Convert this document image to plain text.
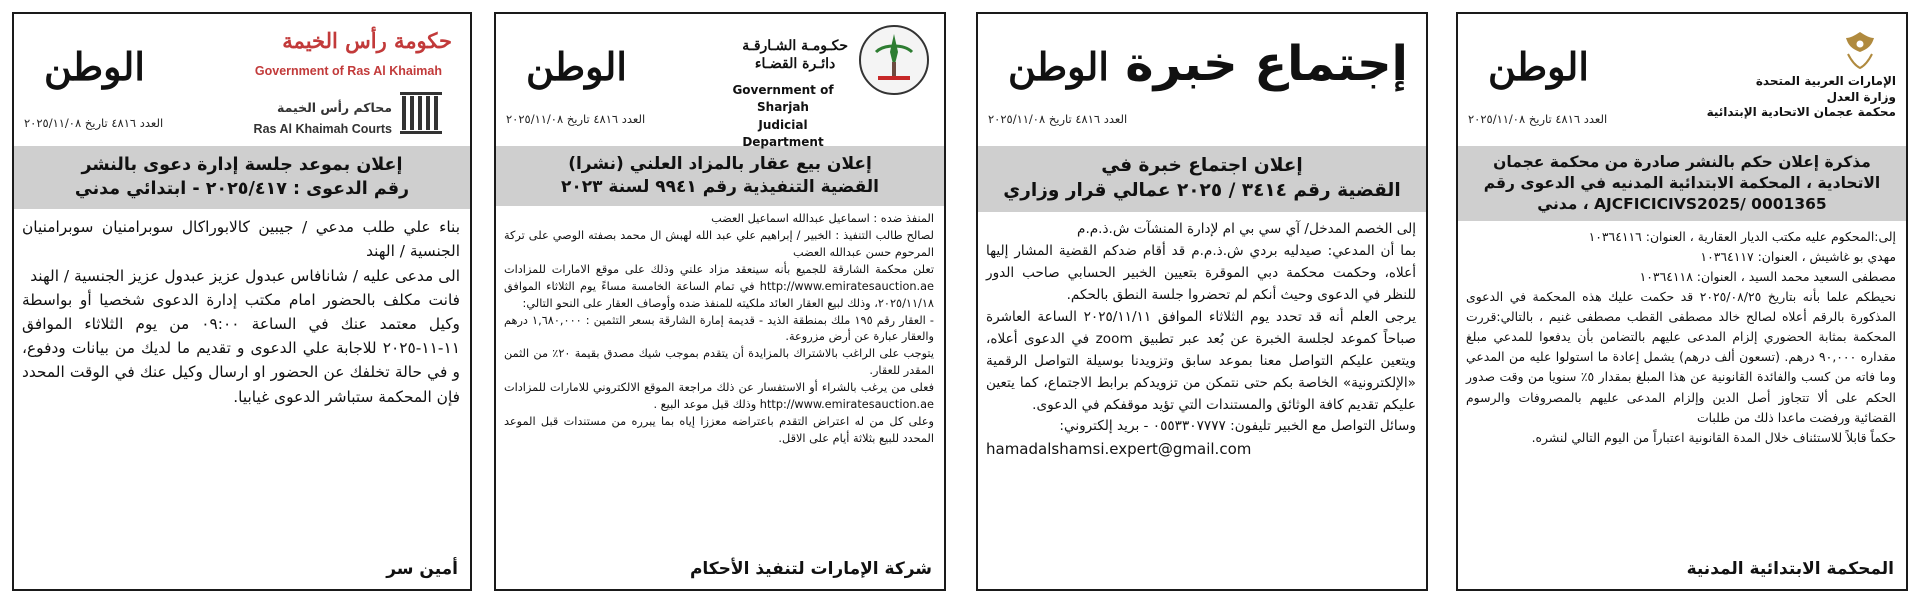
الإمارات العربية المتحدة
وزارة العدل
محكمة عجمان الاتحادية الإبتدائية
الوطن
العدد ٤٨١٦ تاريخ ٢٠٢٥/١١/٠٨
مذكرة إعلان حكم بالنشر صادرة من محكمة عجمان
الاتحادية ، المحكمة الابتدائية المدنيه في الدعوى رقم
AJCFICICIVS2025/ 0001365 ، مدني

إلى:المحكوم عليه مكتب الديار العقارية ، العنوان: ١٠٣٦٤١١٦

مهدي بو غاشيش ، العنوان: ١٠٣٦٤١١٧

مصطفى السعيد محمد السيد ، العنوان: ١٠٣٦٤١١٨

نحيطكم علما بأنه بتاريخ ٢٠٢٥/٠٨/٢٥ قد حكمت عليك هذه المحكمة في الدعوى المذكورة بالرقم أعلاه لصالح خالد مصطفى القطب مصطفى غنيم ، بالتالي:قررت المحكمة بمثابة الحضوري إلزام المدعى عليهم بالتضامن بأن يدفعوا للمدعي مبلغ مقداره ٩٠,٠٠٠ درهم. (تسعون ألف درهم) يشمل إعادة ما استولوا عليه من المدعي وما فاته من كسب والفائدة القانونية عن هذا المبلغ بمقدار ٥٪ سنويا من وقت صدور الحكم على ألا تتجاوز أصل الدين وإلزام المدعى عليهم بالمصروفات والرسوم القضائية ورفضت ماعدا ذلك من طلبات

حكماً قابلاً للاستئناف خلال المدة القانونية اعتباراً من اليوم التالي لنشره.

المحكمة الابتدائية المدنية
إجتماع خبرة
الوطن
العدد ٤٨١٦ تاريخ ٢٠٢٥/١١/٠٨
إعلان اجتماع خبرة في
القضية رقم ٣٤١٤ / ٢٠٢٥ عمالي قرار وزاري

إلى الخصم المدخل/ آي سي بي ام لإدارة المنشآت ش.ذ.م.م

بما أن المدعي: صيدليه بردي ش.ذ.م.م قد أقام ضدكم القضية المشار إليها أعلاه، وحكمت محكمة دبي الموقرة بتعيين الخبير الحسابي صاحب الدور للنظر في الدعوى وحيث أنكم لم تحضروا جلسة النطق بالحكم.

يرجى العلم أنه قد تحدد يوم الثلاثاء الموافق ٢٠٢٥/١١/١١ الساعة العاشرة صباحاً كموعد لجلسة الخبرة عن بُعد عبر تطبيق zoom في الدعوى أعلاه، ويتعين عليكم التواصل معنا بموعد سابق وتزويدنا بوسيلة التواصل الرقمية «الإلكترونية» الخاصة بكم حتى نتمكن من تزويدكم برابط الاجتماع، كما يتعين عليكم تقديم كافة الوثائق والمستندات التي تؤيد موقفكم في الدعوى.

وسائل التواصل مع الخبير تليفون: ٠٥٥٣٣٠٧٧٧٧ - بريد إلكتروني:
hamadalshamsi.expert@gmail.com
حكـومـة الشـارقـة
دائـرة القضـاء
Government of Sharjah
Judicial Department
الوطن
العدد ٤٨١٦ تاريخ ٢٠٢٥/١١/٠٨
إعلان بيع عقار بالمزاد العلني (نشرا)
القضية التنفيذية رقم ٩٩٤١ لسنة ٢٠٢٣

المنفذ ضده : اسماعيل عبدالله اسماعيل العضب

لصالح طالب التنفيذ : الخبير / إبراهيم علي عبد الله لهبش ال محمد بصفته الوصي على تركة المرحوم حسن عبدالله العضب

تعلن محكمة الشارقة للجميع بأنه سينعقد مزاد علني وذلك على موقع الامارات للمزادات http://www.emiratesauction.ae في تمام الساعة الخامسة مساءً يوم الثلاثاء الموافق ٢٠٢٥/١١/١٨، وذلك لبيع العقار العائد ملكيته للمنفذ ضده وأوصاف العقار على النحو التالي:

- العقار رقم ١٩٥ ملك بمنطقة الذيد - قديمة إمارة الشارقة بسعر التثمين : ١,٦٨٠,٠٠٠ درهم والعقار عبارة عن أرض مزروعة.

يتوجب على الراغب بالاشتراك بالمزايدة أن يتقدم بموجب شيك مصدق بقيمة ٢٠٪ من الثمن المقدر للعقار.

فعلى من يرغب بالشراء أو الاستفسار عن ذلك مراجعة الموقع الالكتروني للامارات للمزادات http://www.emiratesauction.ae وذلك قبل موعد البيع .

وعلى كل من له اعتراض التقدم باعتراضه معززا إياه بما يبرره من مستندات قبل الموعد المحدد للبيع بثلاثة أيام على الاقل.

شركة الإمارات لتنفيذ الأحكام
حكومة رأس الخيمة
Government of Ras Al Khaimah
محاكم رأس الخيمة
Ras Al Khaimah Courts
الوطن
العدد ٤٨١٦ تاريخ ٢٠٢٥/١١/٠٨
إعلان بموعد جلسة إدارة دعوى بالنشر
رقم الدعوى : ٢٠٢٥/٤١٧ - ابتدائي مدني

بناء علي طلب مدعي / جيبين كالابوراكال سوبرامنيان سوبرامنيان الجنسية / الهند

الى مدعى عليه / شانافاس عبدول عزيز عبدول عزيز الجنسية / الهند

فانت مكلف بالحضور امام مكتب إدارة الدعوى شخصيا أو بواسطة وكيل معتمد عنك في الساعة ٠٩:٠٠ من يوم الثلاثاء الموافق ١١-١١-٢٠٢٥ للاجابة علي الدعوى و تقديم ما لديك من بيانات ودفوع، و في حالة تخلفك عن الحضور او ارسال وكيل عنك في الوقت المحدد فإن المحكمة ستباشر الدعوى غيابيا.

أمين سر
